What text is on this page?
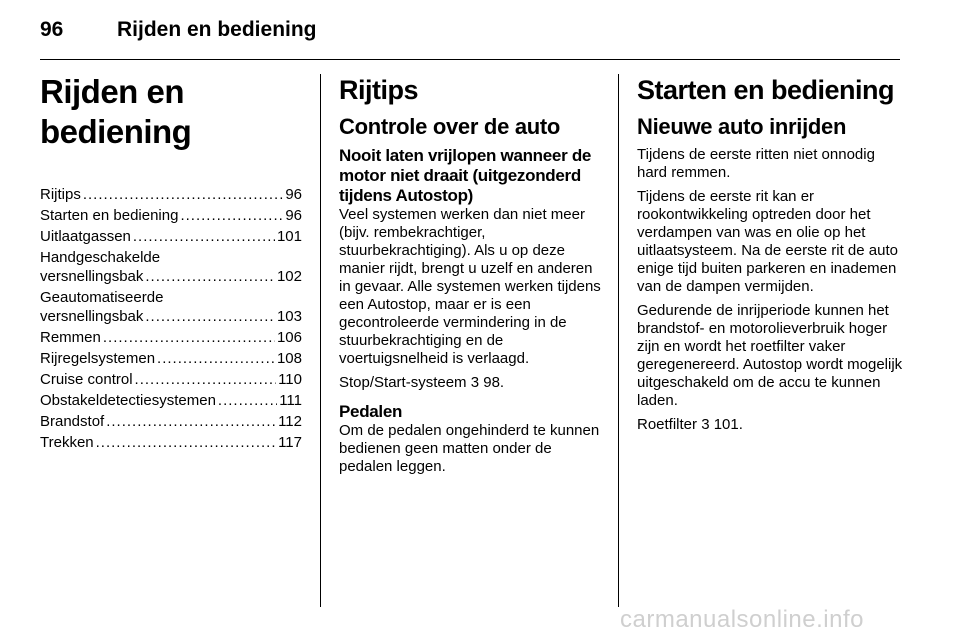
96	Rijden en bediening
Rijden en bediening
Rijtips .....	96
Starten en bediening .....	96
Uitlaatgassen .....	101
Handgeschakelde
versnellingsbak .....	102
Geautomatiseerde
versnellingsbak .....	103
Remmen .....	106
Rijregelsystemen .....	108
Cruise control .....	110
Obstakeldetectiesystemen .....	111
Brandstof .....	112
Trekken .....	117
Rijtips
Controle over de auto
Nooit laten vrijlopen wanneer de motor niet draait (uitgezonderd tijdens Autostop)

Veel systemen werken dan niet meer (bijv. rembekrachtiger, stuurbekrachtiging). Als u op deze manier rijdt, brengt u uzelf en anderen in gevaar. Alle systemen werken tijdens een Autostop, maar er is een gecontroleerde vermindering in de stuurbekrachtiging en de voertuigsnelheid is verlaagd.

Stop/Start-systeem 3 98.

Pedalen

Om de pedalen ongehinderd te kunnen bedienen geen matten onder de pedalen leggen.

Starten en bediening
Nieuwe auto inrijden

Tijdens de eerste ritten niet onnodig hard remmen.

Tijdens de eerste rit kan er rookontwikkeling optreden door het verdampen van was en olie op het uitlaatsysteem. Na de eerste rit de auto enige tijd buiten parkeren en inademen van de dampen vermijden.

Gedurende de inrijperiode kunnen het brandstof- en motorolieverbruik hoger zijn en wordt het roetfilter vaker geregenereerd. Autostop wordt mogelijk uitgeschakeld om de accu te kunnen laden.

Roetfilter 3 101.

carmanualsonline.info
